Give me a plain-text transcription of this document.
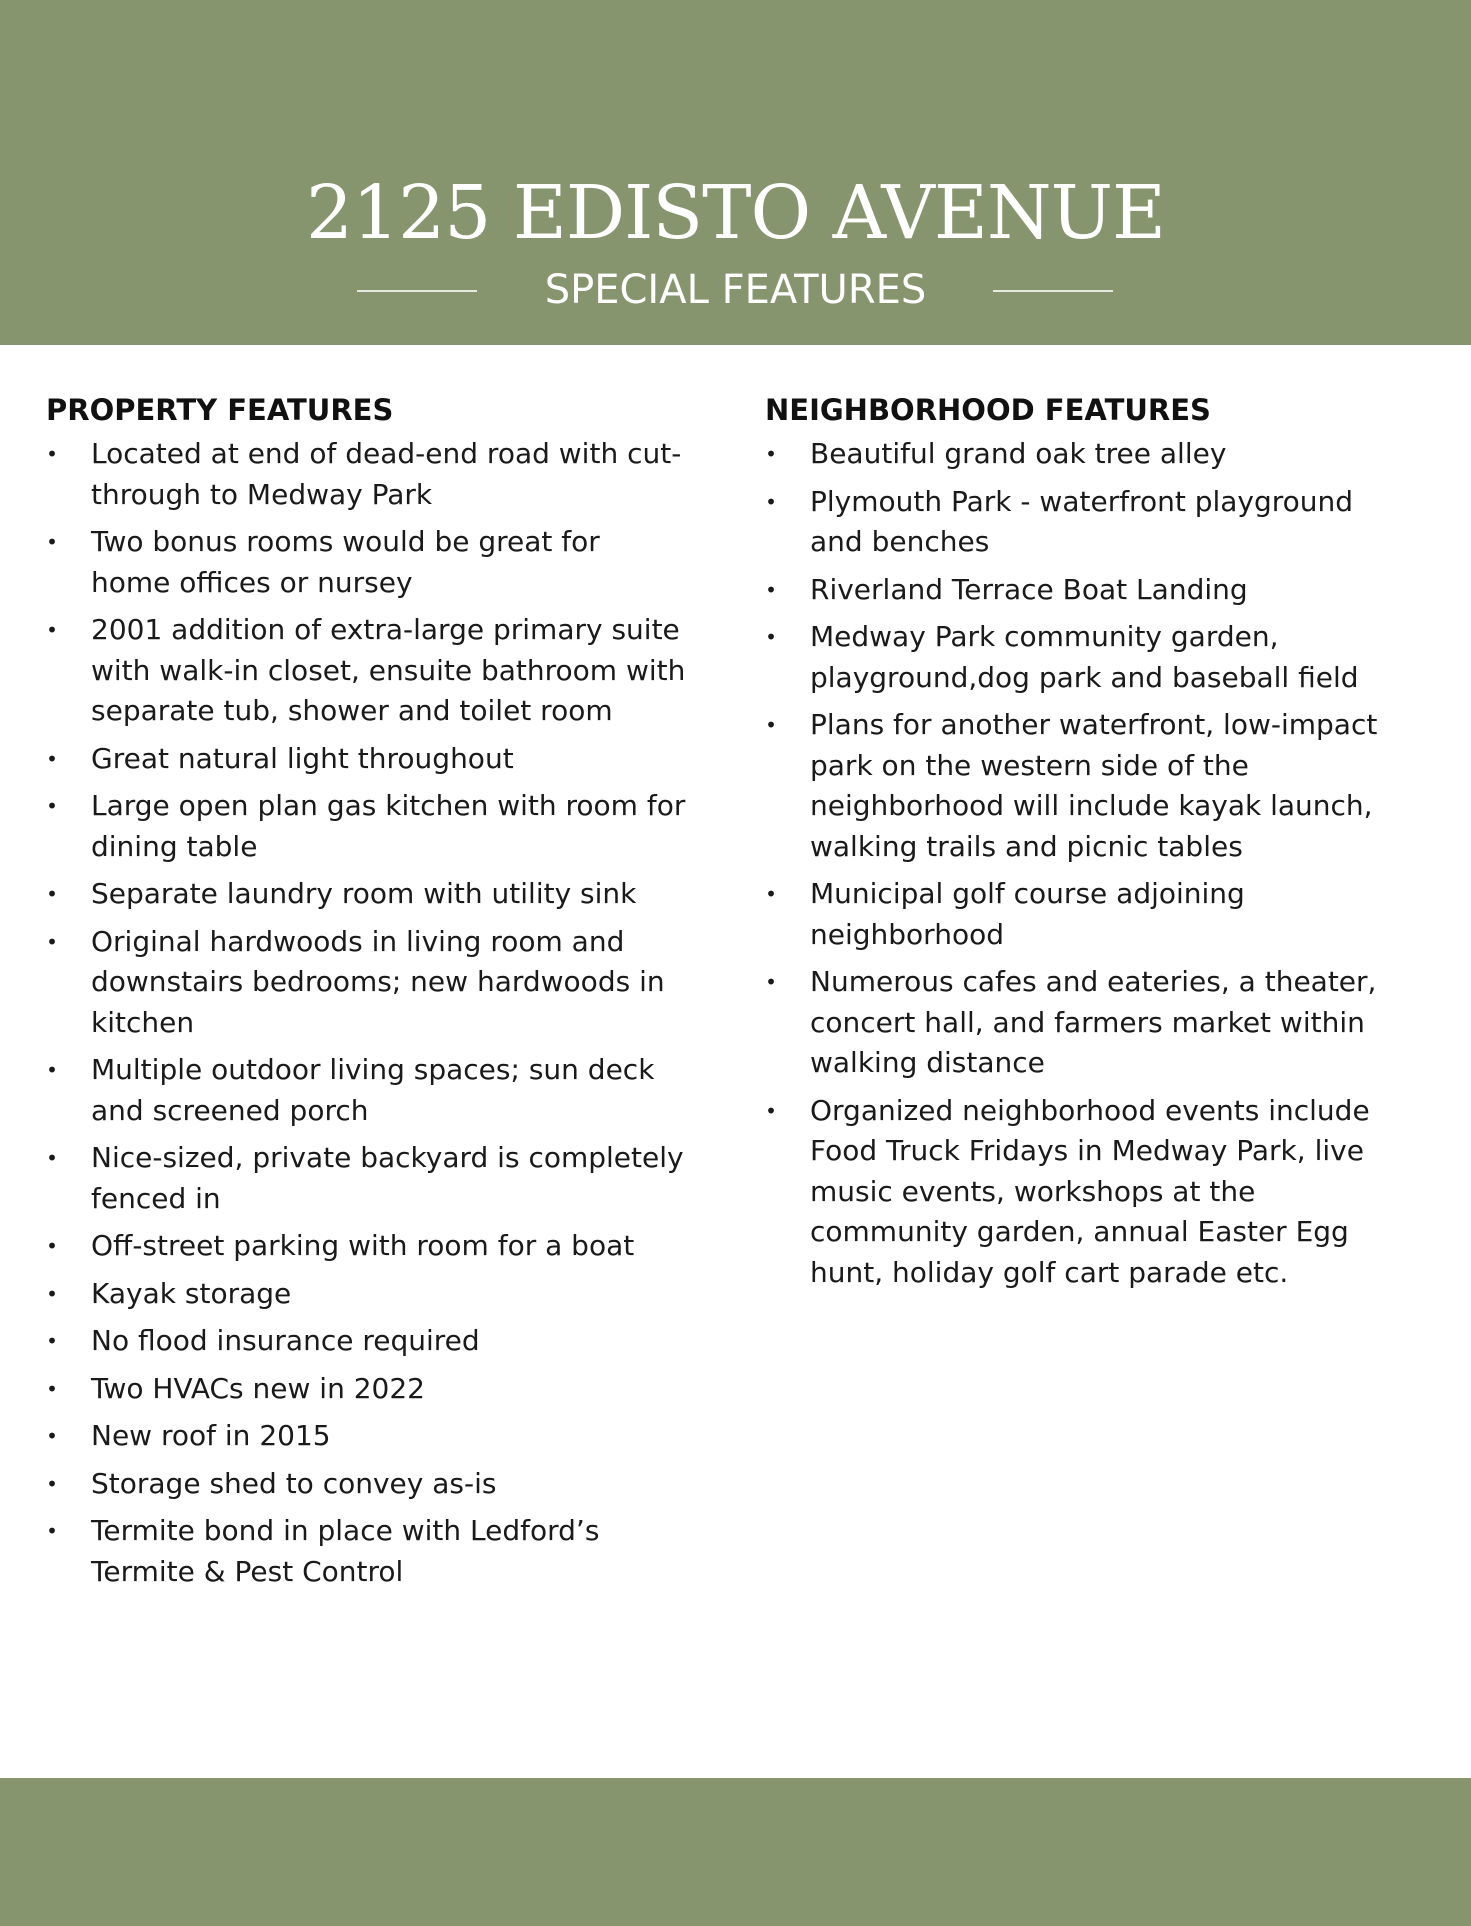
2125 EDISTO AVENUE
SPECIAL FEATURES
PROPERTY FEATURES
• Located at end of dead-end road with cut-through to Medway Park
• Two bonus rooms would be great for home offices or nursey
• 2001 addition of extra-large primary suite with walk-in closet, ensuite bathroom with separate tub, shower and toilet room
• Great natural light throughout
• Large open plan gas kitchen with room for dining table
• Separate laundry room with utility sink
• Original hardwoods in living room and downstairs bedrooms; new hardwoods in kitchen
• Multiple outdoor living spaces; sun deck and screened porch
• Nice-sized, private backyard is completely fenced in
• Off-street parking with room for a boat
• Kayak storage
• No flood insurance required
• Two HVACs new in 2022
• New roof in 2015
• Storage shed to convey as-is
• Termite bond in place with Ledford’s Termite & Pest Control
NEIGHBORHOOD FEATURES
• Beautiful grand oak tree alley
• Plymouth Park - waterfront playground and benches
• Riverland Terrace Boat Landing
• Medway Park community garden, playground,dog park and baseball field
• Plans for another waterfront, low-impact park on the western side of the neighborhood will include kayak launch, walking trails and picnic tables
• Municipal golf course adjoining neighborhood
• Numerous cafes and eateries, a theater, concert hall, and farmers market within walking distance
• Organized neighborhood events include Food Truck Fridays in Medway Park, live music events, workshops at the community garden, annual Easter Egg hunt, holiday golf cart parade etc.
